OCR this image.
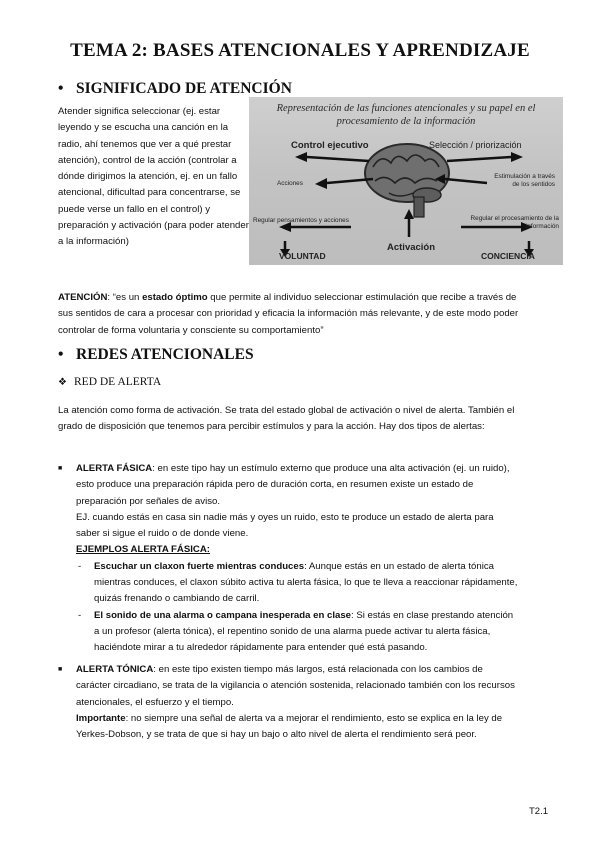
TEMA 2: BASES ATENCIONALES Y APRENDIZAJE
• SIGNIFICADO DE ATENCIÓN
Atender significa seleccionar (ej. estar leyendo y se escucha una canción en la radio, ahí tenemos que ver a qué prestar atención), control de la acción (controlar a dónde dirigimos la atención, ej. en un fallo atencional, dificultad para concentrarse, se puede verse un fallo en el control) y preparación y activación (para poder atender a la información)
Representación de las funciones atencionales y su papel en el
procesamiento de la información
Control ejecutivo	Selección / priorización
Acciones
Estimulación a través de los sentidos
Regular pensamientos y acciones	Regular el procesamiento de la información
Activación
VOLUNTAD	CONCIENCIA
ATENCIÓN: “es un estado óptimo que permite al individuo seleccionar estimulación que recibe a través de sus sentidos de cara a procesar con prioridad y eficacia la información más relevante, y de este modo poder controlar de forma voluntaria y consciente su comportamiento”
• REDES ATENCIONALES
❖ RED DE ALERTA
La atención como forma de activación. Se trata del estado global de activación o nivel de alerta. También el grado de disposición que tenemos para percibir estímulos y para la acción. Hay dos tipos de alertas:
■ ALERTA FÁSICA: en este tipo hay un estímulo externo que produce una alta activación (ej. un ruido), esto produce una preparación rápida pero de duración corta, en resumen existe un estado de preparación por señales de aviso.
EJ. cuando estás en casa sin nadie más y oyes un ruido, esto te produce un estado de alerta para saber si sigue el ruido o de donde viene.
EJEMPLOS ALERTA FÁSICA:
- Escuchar un claxon fuerte mientras conduces: Aunque estás en un estado de alerta tónica mientras conduces, el claxon súbito activa tu alerta fásica, lo que te lleva a reaccionar rápidamente, quizás frenando o cambiando de carril.
- El sonido de una alarma o campana inesperada en clase: Si estás en clase prestando atención a un profesor (alerta tónica), el repentino sonido de una alarma puede activar tu alerta fásica, haciéndote mirar a tu alrededor rápidamente para entender qué está pasando.
■ ALERTA TÓNICA: en este tipo existen tiempo más largos, está relacionada con los cambios de carácter circadiano, se trata de la vigilancia o atención sostenida, relacionado también con los recursos atencionales, el esfuerzo y el tiempo.
Importante: no siempre una señal de alerta va a mejorar el rendimiento, esto se explica en la ley de Yerkes-Dobson, y se trata de que si hay un bajo o alto nivel de alerta el rendimiento será peor.
T2.1
